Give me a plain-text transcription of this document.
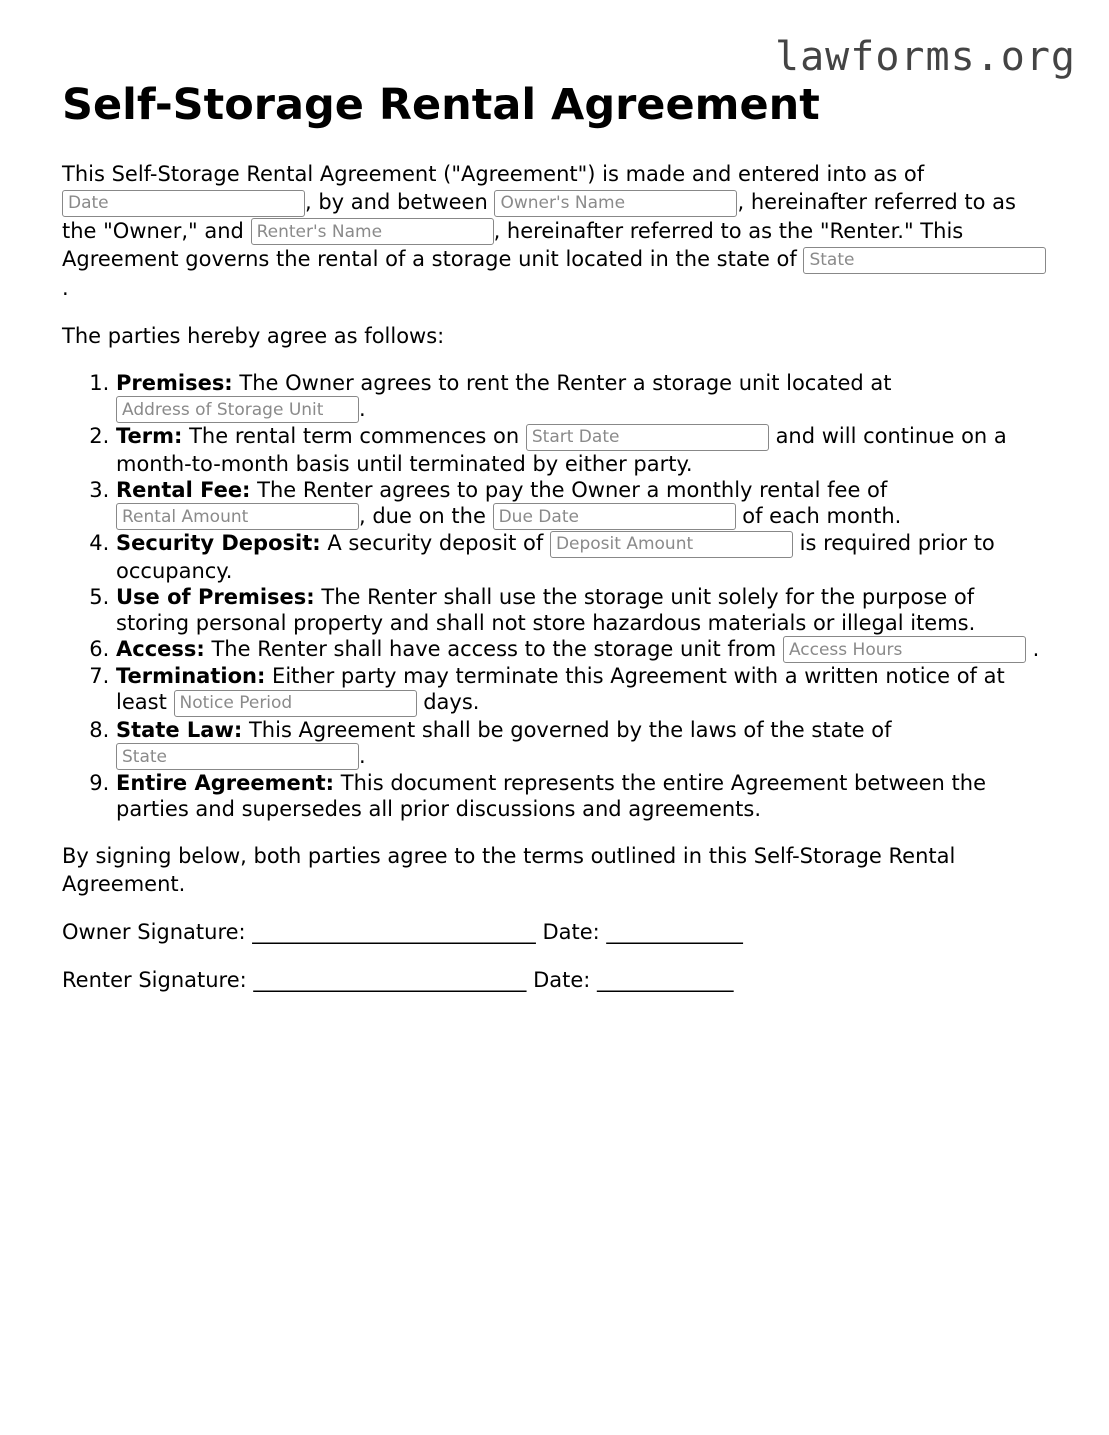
lawforms.org
Self-Storage Rental Agreement

This Self-Storage Rental Agreement ("Agreement") is made and entered into as of Date, by and between Owner's Name	, hereinafter referred to as the "Owner," and Renter's Name	, hereinafter referred to as the "Renter." This Agreement governs the rental of a storage unit located in the state of State.

The parties hereby agree as follows:

1. Premises: The Owner agrees to rent the Renter a storage unit located at Address of Storage Unit.
2. Term: The rental term commences on Start Date	and will continue on a month-to-month basis until terminated by either party.
3. Rental Fee: The Renter agrees to pay the Owner a monthly rental fee of Rental Amount, due on the Due Date	of each month.
4. Security Deposit: A security deposit of Deposit Amount	is required prior to occupancy.
5. Use of Premises: The Renter shall use the storage unit solely for the purpose of storing personal property and shall not store hazardous materials or illegal items.
6. Access: The Renter shall have access to the storage unit from Access Hours	.
7. Termination: Either party may terminate this Agreement with a written notice of at least Notice Period	days.
8. State Law: This Agreement shall be governed by the laws of the state of State.
9. Entire Agreement: This document represents the entire Agreement between the parties and supersedes all prior discussions and agreements.

By signing below, both parties agree to the terms outlined in this Self-Storage Rental Agreement.

Owner Signature: ___________________________ Date: _____________

Renter Signature: __________________________ Date: _____________
